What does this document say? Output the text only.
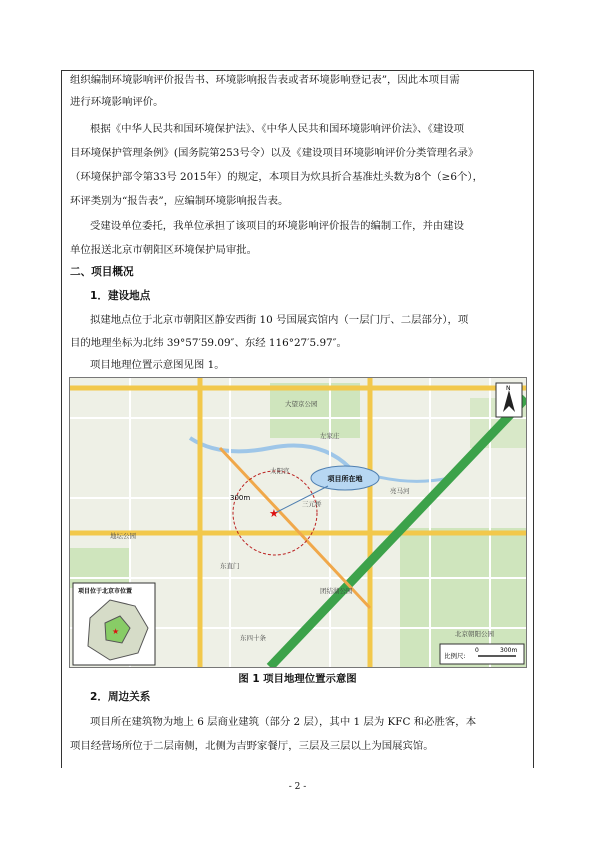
组织编制环境影响评价报告书、环境影响报告表或者环境影响登记表”，因此本项目需
进行环境影响评价。
根据《中华人民共和国环境保护法》、《中华人民共和国环境影响评价法》、《建设项
目环境保护管理条例》(国务院第253号令）以及《建设项目环境影响评价分类管理名录》
（环境保护部令第33号 2015年）的规定，本项目为炊具折合基准灶头数为8个（≥6个），
环评类别为“报告表”，应编制环境影响报告表。
受建设单位委托，我单位承担了该项目的环境影响评价报告的编制工作，并由建设
单位报送北京市朝阳区环境保护局审批。
二、项目概况
1．建设地点
拟建地点位于北京市朝阳区静安西街 10 号国展宾馆内（一层门厅、二层部分），项
目的地理坐标为北纬 39°57′59.09″、东经 116°27′5.97″。
项目地理位置示意图见图 1。
项目所在地
300m
★
N
项目位于北京市位置
★
比例尺:
0	300m
大望京公园
太阳宫
三元桥
东直门
北京朝阳公园
团结湖公园
亮马河
左家庄
地坛公园
东四十条
图 1 项目地理位置示意图
2．周边关系
项目所在建筑物为地上 6 层商业建筑（部分 2 层），其中 1 层为 KFC 和必胜客，本
项目经营场所位于二层南侧，北侧为吉野家餐厅，三层及三层以上为国展宾馆。
- 2 -
